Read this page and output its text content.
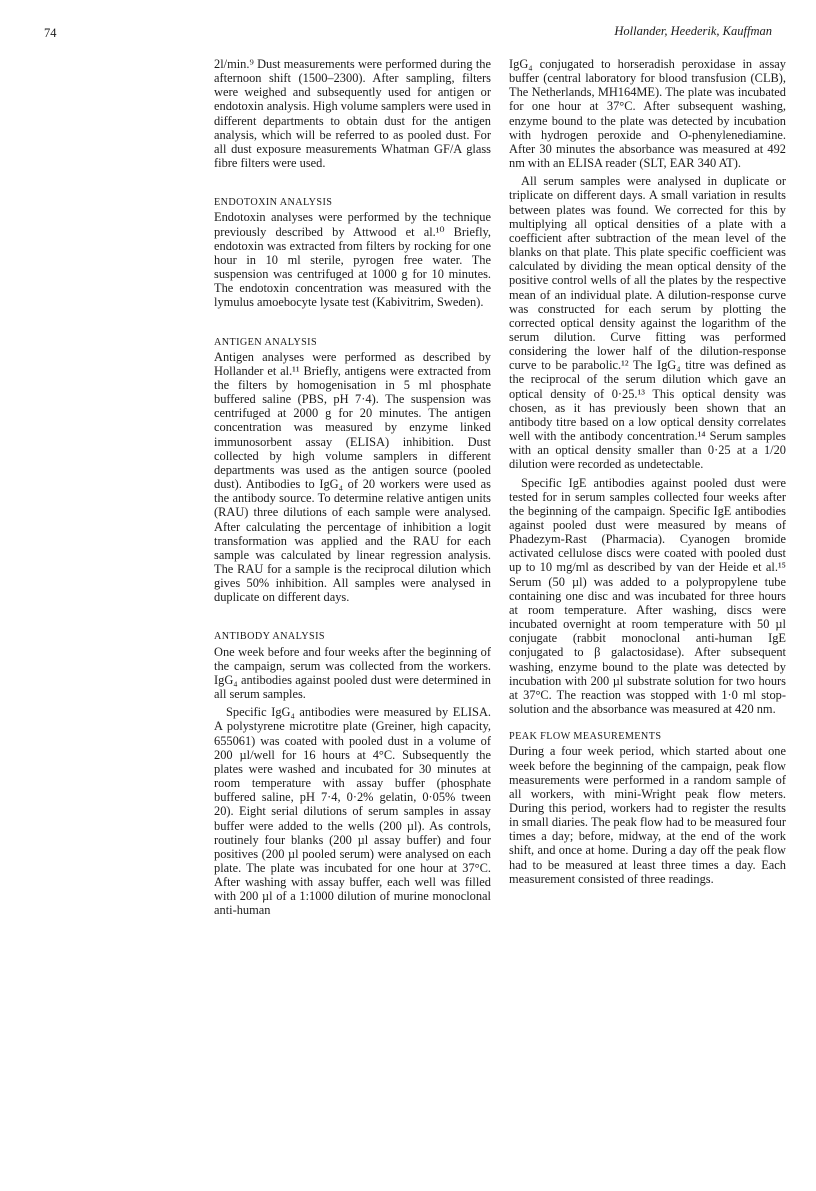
74	Hollander, Heederik, Kauffman

2l/min.⁹ Dust measurements were performed during the afternoon shift (1500–2300). After sampling, filters were weighed and subsequently used for antigen or endotoxin analysis. High volume samplers were used in different departments to obtain dust for the antigen analysis, which will be referred to as pooled dust. For all dust exposure measurements Whatman GF/A glass fibre filters were used.

ENDOTOXIN ANALYSIS

Endotoxin analyses were performed by the technique previously described by Attwood et al.¹⁰ Briefly, endotoxin was extracted from filters by rocking for one hour in 10 ml sterile, pyrogen free water. The suspension was centrifuged at 1000 g for 10 minutes. The endotoxin concentration was measured with the lymulus amoebocyte lysate test (Kabivitrim, Sweden).

ANTIGEN ANALYSIS

Antigen analyses were performed as described by Hollander et al.¹¹ Briefly, antigens were extracted from the filters by homogenisation in 5 ml phosphate buffered saline (PBS, pH 7·4). The suspension was centrifuged at 2000 g for 20 minutes. The antigen concentration was measured by enzyme linked immunosorbent assay (ELISA) inhibition. Dust collected by high volume samplers in different departments was used as the antigen source (pooled dust). Antibodies to IgG₄ of 20 workers were used as the antibody source. To determine relative antigen units (RAU) three dilutions of each sample were analysed. After calculating the percentage of inhibition a logit transformation was applied and the RAU for each sample was calculated by linear regression analysis. The RAU for a sample is the reciprocal dilution which gives 50% inhibition. All samples were analysed in duplicate on different days.

ANTIBODY ANALYSIS

One week before and four weeks after the beginning of the campaign, serum was collected from the workers. IgG₄ antibodies against pooled dust were determined in all serum samples.

Specific IgG₄ antibodies were measured by ELISA. A polystyrene microtitre plate (Greiner, high capacity, 655061) was coated with pooled dust in a volume of 200 µl/well for 16 hours at 4°C. Subsequently the plates were washed and incubated for 30 minutes at room temperature with assay buffer (phosphate buffered saline, pH 7·4, 0·2% gelatin, 0·05% tween 20). Eight serial dilutions of serum samples in assay buffer were added to the wells (200 µl). As controls, routinely four blanks (200 µl assay buffer) and four positives (200 µl pooled serum) were analysed on each plate. The plate was incubated for one hour at 37°C. After washing with assay buffer, each well was filled with 200 µl of a 1:1000 dilution of murine monoclonal anti-human

IgG₄ conjugated to horseradish peroxidase in assay buffer (central laboratory for blood transfusion (CLB), The Netherlands, MH164ME). The plate was incubated for one hour at 37°C. After subsequent washing, enzyme bound to the plate was detected by incubation with hydrogen peroxide and O-phenylenediamine. After 30 minutes the absorbance was measured at 492 nm with an ELISA reader (SLT, EAR 340 AT).

All serum samples were analysed in duplicate or triplicate on different days. A small variation in results between plates was found. We corrected for this by multiplying all optical densities of a plate with a coefficient after subtraction of the mean level of the blanks on that plate. This plate specific coefficient was calculated by dividing the mean optical density of the positive control wells of all the plates by the respective mean of an individual plate. A dilution-response curve was constructed for each serum by plotting the corrected optical density against the logarithm of the serum dilution. Curve fitting was performed considering the lower half of the dilution-response curve to be parabolic.¹² The IgG₄ titre was defined as the reciprocal of the serum dilution which gave an optical density of 0·25.¹³ This optical density was chosen, as it has previously been shown that an antibody titre based on a low optical density correlates well with the antibody concentration.¹⁴ Serum samples with an optical density smaller than 0·25 at a 1/20 dilution were recorded as undetectable.

Specific IgE antibodies against pooled dust were tested for in serum samples collected four weeks after the beginning of the campaign. Specific IgE antibodies against pooled dust were measured by means of Phadezym-Rast (Pharmacia). Cyanogen bromide activated cellulose discs were coated with pooled dust up to 10 mg/ml as described by van der Heide et al.¹⁵ Serum (50 µl) was added to a polypropylene tube containing one disc and was incubated for three hours at room temperature. After washing, discs were incubated overnight at room temperature with 50 µl conjugate (rabbit monoclonal anti-human IgE conjugated to β galactosidase). After subsequent washing, enzyme bound to the plate was detected by incubation with 200 µl substrate solution for two hours at 37°C. The reaction was stopped with 1·0 ml stop-solution and the absorbance was measured at 420 nm.

PEAK FLOW MEASUREMENTS

During a four week period, which started about one week before the beginning of the campaign, peak flow measurements were performed in a random sample of all workers, with mini-Wright peak flow meters. During this period, workers had to register the results in small diaries. The peak flow had to be measured four times a day; before, midway, at the end of the work shift, and once at home. During a day off the peak flow had to be measured at least three times a day. Each measurement consisted of three readings.
